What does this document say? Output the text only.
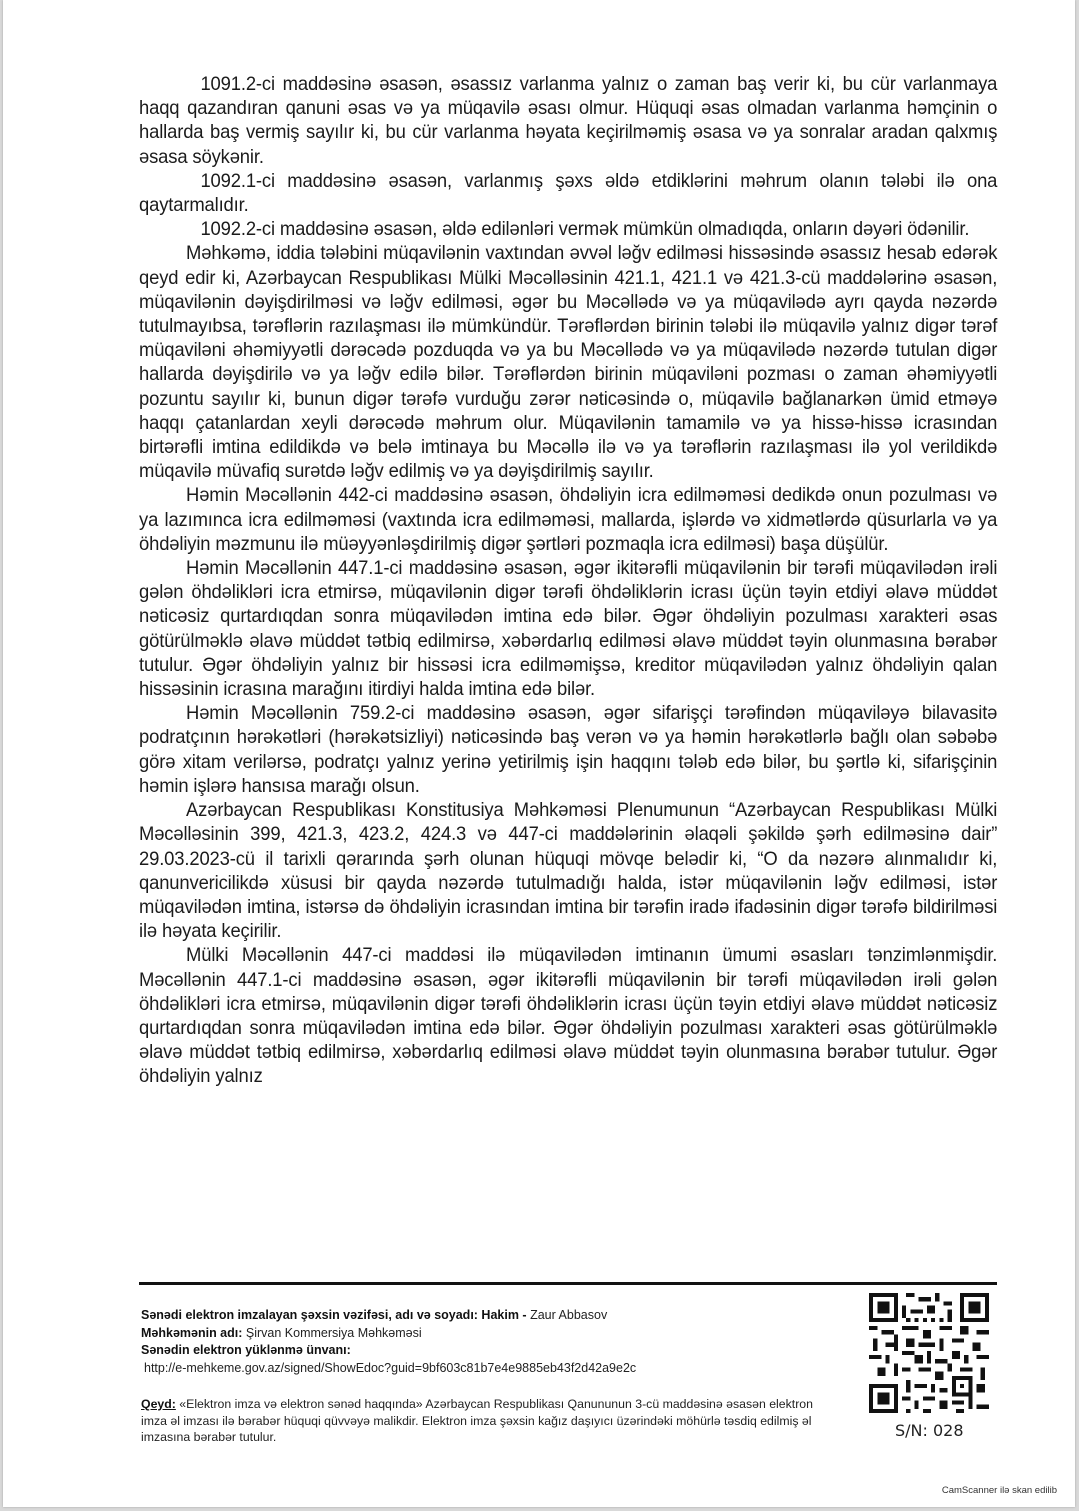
1091.2-ci maddəsinə əsasən, əsassız varlanma yalnız o zaman baş verir ki, bu cür varlanmaya haqq qazandıran qanuni əsas və ya müqavilə əsası olmur. Hüquqi əsas olmadan varlanma həmçinin o hallarda baş vermiş sayılır ki, bu cür varlanma həyata keçirilməmiş əsasa və ya sonralar aradan qalxmış əsasa söykənir.

1092.1-ci maddəsinə əsasən, varlanmış şəxs əldə etdiklərini məhrum olanın tələbi ilə ona qaytarmalıdır.

1092.2-ci maddəsinə əsasən, əldə edilənləri vermək mümkün olmadıqda, onların dəyəri ödənilir.

Məhkəmə, iddia tələbini müqavilənin vaxtından əvvəl ləğv edilməsi hissəsində əsassız hesab edərək qeyd edir ki, Azərbaycan Respublikası Mülki Məcəlləsinin 421.1, 421.1 və 421.3-cü maddələrinə əsasən, müqavilənin dəyişdirilməsi və ləğv edilməsi, əgər bu Məcəllədə və ya müqavilədə ayrı qayda nəzərdə tutulmayıbsa, tərəflərin razılaşması ilə mümkündür. Tərəflərdən birinin tələbi ilə müqavilə yalnız digər tərəf müqaviləni əhəmiyyətli dərəcədə pozduqda və ya bu Məcəllədə və ya müqavilədə nəzərdə tutulan digər hallarda dəyişdirilə və ya ləğv edilə bilər. Tərəflərdən birinin müqaviləni pozması o zaman əhəmiyyətli pozuntu sayılır ki, bunun digər tərəfə vurduğu zərər nəticəsində o, müqavilə bağlanarkən ümid etməyə haqqı çatanlardan xeyli dərəcədə məhrum olur. Müqavilənin tamamilə və ya hissə-hissə icrasından birtərəfli imtina edildikdə və belə imtinaya bu Məcəllə ilə və ya tərəflərin razılaşması ilə yol verildikdə müqavilə müvafiq surətdə ləğv edilmiş və ya dəyişdirilmiş sayılır.

Həmin Məcəllənin 442-ci maddəsinə əsasən, öhdəliyin icra edilməməsi dedikdə onun pozulması və ya lazımınca icra edilməməsi (vaxtında icra edilməməsi, mallarda, işlərdə və xidmətlərdə qüsurlarla və ya öhdəliyin məzmunu ilə müəyyənləşdirilmiş digər şərtləri pozmaqla icra edilməsi) başa düşülür.

Həmin Məcəllənin 447.1-ci maddəsinə əsasən, əgər ikitərəfli müqavilənin bir tərəfi müqavilədən irəli gələn öhdəlikləri icra etmirsə, müqavilənin digər tərəfi öhdəliklərin icrası üçün təyin etdiyi əlavə müddət nəticəsiz qurtardıqdan sonra müqavilədən imtina edə bilər. Əgər öhdəliyin pozulması xarakteri əsas götürülməklə əlavə müddət tətbiq edilmirsə, xəbərdarlıq edilməsi əlavə müddət təyin olunmasına bərabər tutulur. Əgər öhdəliyin yalnız bir hissəsi icra edilməmişsə, kreditor müqavilədən yalnız öhdəliyin qalan hissəsinin icrasına marağını itirdiyi halda imtina edə bilər.

Həmin Məcəllənin 759.2-ci maddəsinə əsasən, əgər sifarişçi tərəfindən müqaviləyə bilavasitə podratçının hərəkətləri (hərəkətsizliyi) nəticəsində baş verən və ya həmin hərəkətlərlə bağlı olan səbəbə görə xitam verilərsə, podratçı yalnız yerinə yetirilmiş işin haqqını tələb edə bilər, bu şərtlə ki, sifarişçinin həmin işlərə hansısa marağı olsun.

Azərbaycan Respublikası Konstitusiya Məhkəməsi Plenumunun “Azərbaycan Respublikası Mülki Məcəlləsinin 399, 421.3, 423.2, 424.3 və 447-ci maddələrinin əlaqəli şəkildə şərh edilməsinə dair” 29.03.2023-cü il tarixli qərarında şərh olunan hüquqi mövqe belədir ki, “O da nəzərə alınmalıdır ki, qanunvericilikdə xüsusi bir qayda nəzərdə tutulmadığı halda, istər müqavilənin ləğv edilməsi, istər müqavilədən imtina, istərsə də öhdəliyin icrasından imtina bir tərəfin iradə ifadəsinin digər tərəfə bildirilməsi ilə həyata keçirilir.

Mülki Məcəllənin 447-ci maddəsi ilə müqavilədən imtinanın ümumi əsasları tənzimlənmişdir. Məcəllənin 447.1-ci maddəsinə əsasən, əgər ikitərəfli müqavilənin bir tərəfi müqavilədən irəli gələn öhdəlikləri icra etmirsə, müqavilənin digər tərəfi öhdəliklərin icrası üçün təyin etdiyi əlavə müddət nəticəsiz qurtardıqdan sonra müqavilədən imtina edə bilər. Əgər öhdəliyin pozulması xarakteri əsas götürülməklə əlavə müddət tətbiq edilmirsə, xəbərdarlıq edilməsi əlavə müddət təyin olunmasına bərabər tutulur. Əgər öhdəliyin yalnız

Sənədi elektron imzalayan şəxsin vəzifəsi, adı və soyadı: Hakim - Zaur Abbasov
Məhkəmənin adı: Şirvan Kommersiya Məhkəməsi
Sənədin elektron yüklənmə ünvanı:
http://e-mehkeme.gov.az/signed/ShowEdoc?guid=9bf603c81b7e4e9885eb43f2d42a9e2c
Qeyd: «Elektron imza və elektron sənəd haqqında» Azərbaycan Respublikası Qanununun 3-cü maddəsinə əsasən elektron imza əl imzası ilə bərabər hüquqi qüvvəyə malikdir. Elektron imza şəxsin kağız daşıyıcı üzərindəki möhürlə təsdiq edilmiş əl imzasına bərabər tutulur.	S/N: 028
CamScanner ilə skan edilib
